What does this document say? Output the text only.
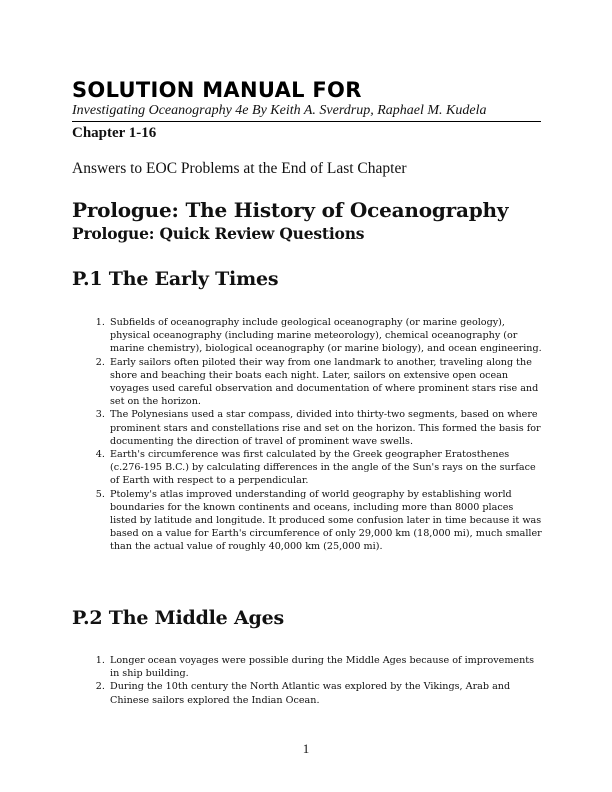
SOLUTION MANUAL FOR
Investigating Oceanography 4e By Keith A. Sverdrup, Raphael M. Kudela
Chapter 1-16
Answers to EOC Problems at the End of Last Chapter
Prologue: The History of Oceanography
Prologue: Quick Review Questions
P.1 The Early Times
1. Subfields of oceanography include geological oceanography (or marine geology), physical oceanography (including marine meteorology), chemical oceanography (or marine chemistry), biological oceanography (or marine biology), and ocean engineering.
2. Early sailors often piloted their way from one landmark to another, traveling along the shore and beaching their boats each night. Later, sailors on extensive open ocean voyages used careful observation and documentation of where prominent stars rise and set on the horizon.
3. The Polynesians used a star compass, divided into thirty-two segments, based on where prominent stars and constellations rise and set on the horizon. This formed the basis for documenting the direction of travel of prominent wave swells.
4. Earth's circumference was first calculated by the Greek geographer Eratosthenes (c.276-195 B.C.) by calculating differences in the angle of the Sun's rays on the surface of Earth with respect to a perpendicular.
5. Ptolemy's atlas improved understanding of world geography by establishing world boundaries for the known continents and oceans, including more than 8000 places listed by latitude and longitude. It produced some confusion later in time because it was based on a value for Earth's circumference of only 29,000 km (18,000 mi), much smaller than the actual value of roughly 40,000 km (25,000 mi).
P.2 The Middle Ages
1. Longer ocean voyages were possible during the Middle Ages because of improvements in ship building.
2. During the 10th century the North Atlantic was explored by the Vikings, Arab and Chinese sailors explored the Indian Ocean.
1
